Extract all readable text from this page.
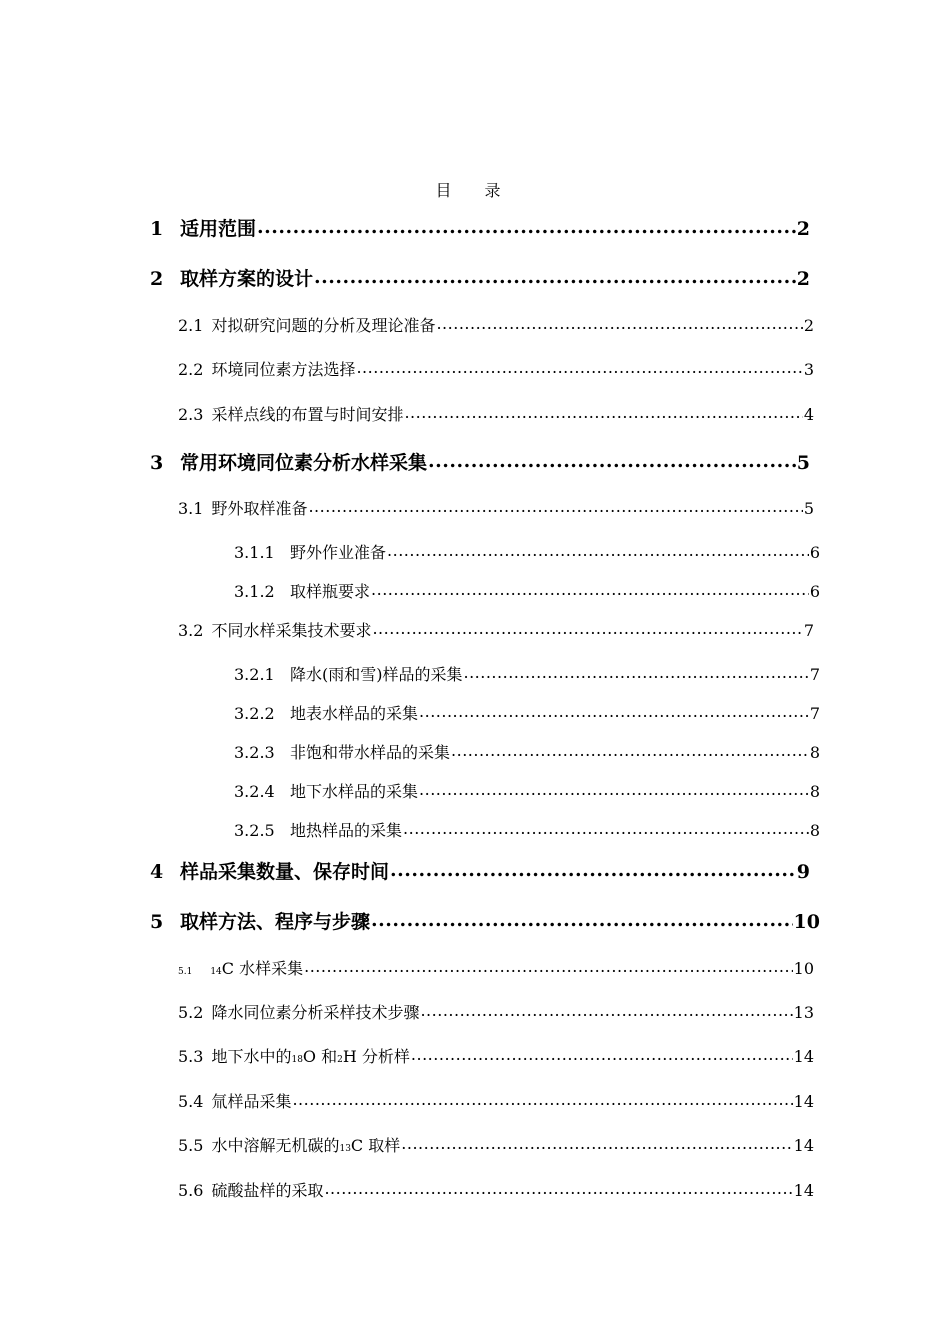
目 录
1 适用范围 .....	2
2 取样方案的设计 .....	2
2.1 对拟研究问题的分析及理论准备 .....	2
2.2 环境同位素方法选择 .....	3
2.3 采样点线的布置与时间安排 .....	4
3 常用环境同位素分析水样采集 .....	5
3.1 野外取样准备 .....	5
3.1.1 野外作业准备 .....	6
3.1.2 取样瓶要求 .....	6
3.2 不同水样采集技术要求 .....	7
3.2.1 降水(雨和雪)样品的采集 .....	7
3.2.2 地表水样品的采集 .....	7
3.2.3 非饱和带水样品的采集 .....	8
3.2.4 地下水样品的采集 .....	8
3.2.5 地热样品的采集 .....	8
4 样品采集数量、保存时间 .....	9
5 取样方法、程序与步骤 .....	10
5.1 14 C 水样采集 .....	10
5.2 降水同位素分析采样技术步骤 .....	13
5.3 地下水中的 18 O 和 2 H 分析样 .....	14
5.4 氚样品采集 .....	14
5.5 水中溶解无机碳的 13 C 取样 .....	14
5.6 硫酸盐样的采取 .....	14
